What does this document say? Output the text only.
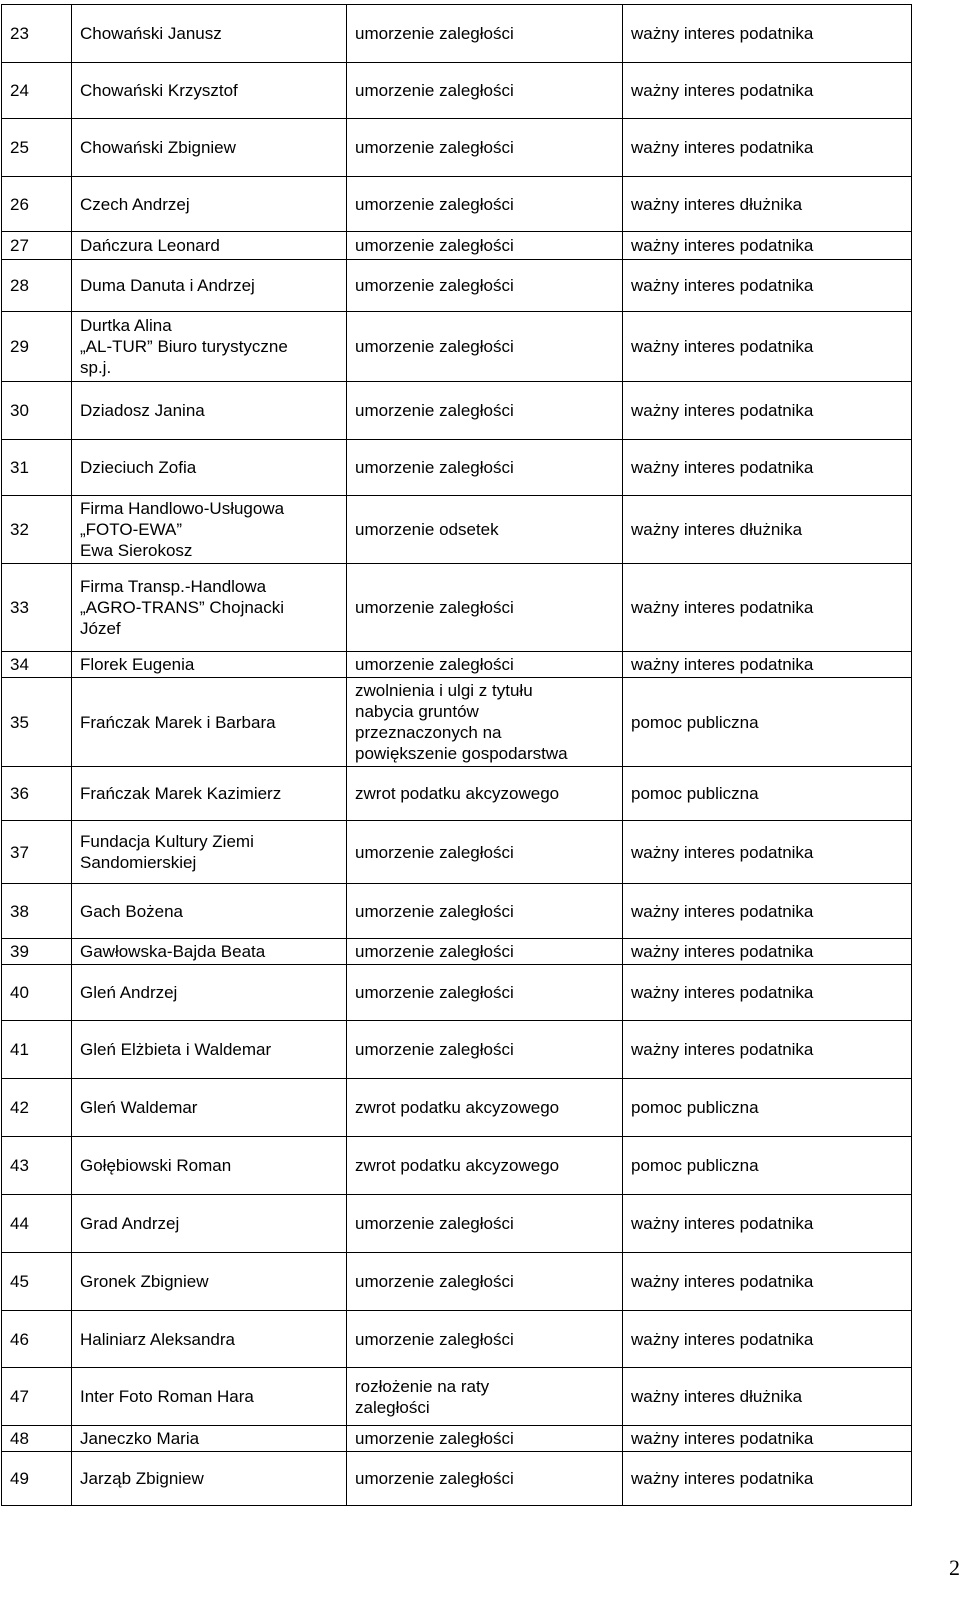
23	Chowański Janusz	umorzenie zaległości	ważny interes podatnika

24	Chowański Krzysztof	umorzenie zaległości	ważny interes podatnika

25	Chowański Zbigniew	umorzenie zaległości	ważny interes podatnika

26	Czech Andrzej	umorzenie zaległości	ważny interes dłużnika

27	Dańczura Leonard	umorzenie zaległości	ważny interes podatnika

28	Duma Danuta i Andrzej	umorzenie zaległości	ważny interes podatnika

29	Durtka Alina
„AL-TUR” Biuro turystyczne
sp.j.	umorzenie zaległości	ważny interes podatnika

30	Dziadosz Janina	umorzenie zaległości	ważny interes podatnika

31	Dzieciuch Zofia	umorzenie zaległości	ważny interes podatnika

32	Firma Handlowo-Usługowa
„FOTO-EWA”
Ewa Sierokosz	umorzenie odsetek	ważny interes dłużnika

33	Firma Transp.-Handlowa
„AGRO-TRANS” Chojnacki
Józef	umorzenie zaległości	ważny interes podatnika

34	Florek Eugenia	umorzenie zaległości	ważny interes podatnika

35	Frańczak Marek i Barbara	zwolnienia i ulgi z tytułu
nabycia gruntów
przeznaczonych na
powiększenie gospodarstwa	pomoc publiczna

36	Frańczak Marek Kazimierz	zwrot podatku akcyzowego	pomoc publiczna

37	Fundacja Kultury Ziemi
Sandomierskiej	umorzenie zaległości	ważny interes podatnika

38	Gach Bożena	umorzenie zaległości	ważny interes podatnika

39	Gawłowska-Bajda Beata	umorzenie zaległości	ważny interes podatnika

40	Gleń Andrzej	umorzenie zaległości	ważny interes podatnika

41	Gleń Elżbieta i Waldemar	umorzenie zaległości	ważny interes podatnika

42	Gleń Waldemar	zwrot podatku akcyzowego	pomoc publiczna

43	Gołębiowski Roman	zwrot podatku akcyzowego	pomoc publiczna

44	Grad Andrzej	umorzenie zaległości	ważny interes podatnika

45	Gronek Zbigniew	umorzenie zaległości	ważny interes podatnika

46	Haliniarz Aleksandra	umorzenie zaległości	ważny interes podatnika

47	Inter Foto Roman Hara	rozłożenie na raty
zaległości	ważny interes dłużnika

48	Janeczko Maria	umorzenie zaległości	ważny interes podatnika

49	Jarząb Zbigniew	umorzenie zaległości	ważny interes podatnika
2
